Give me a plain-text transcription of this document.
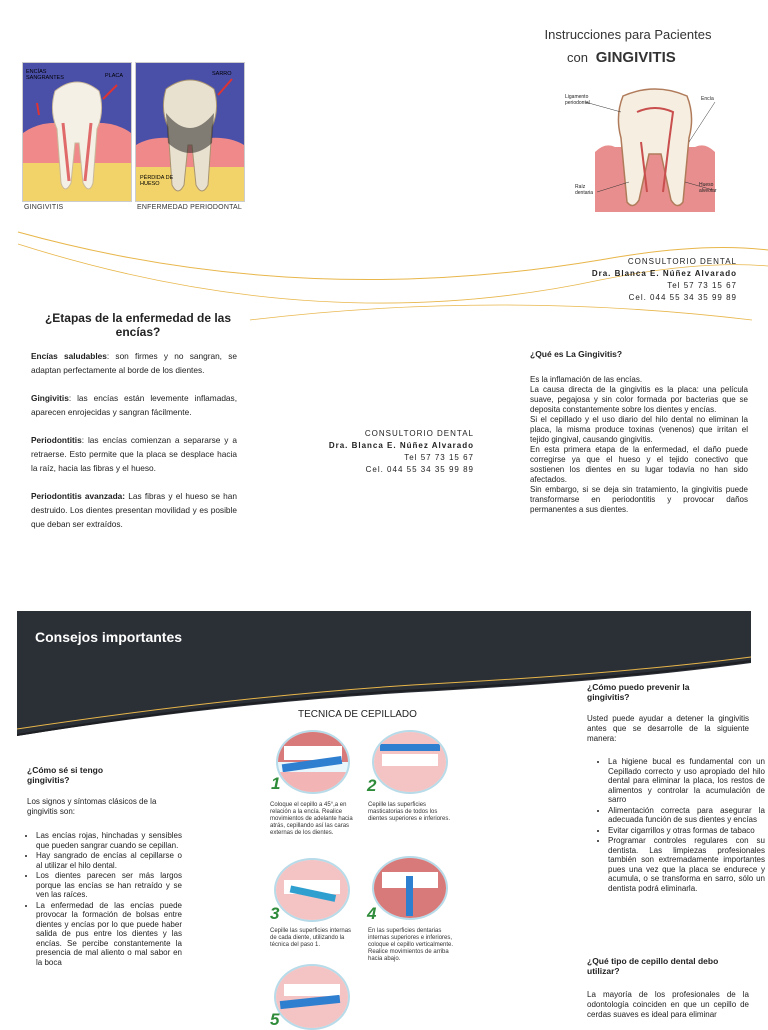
ENCÍAS SANGRANTES	PLACA	SARRO
PÉRDIDA DE HUESO
GINGIVITIS	ENFERMEDAD PERIODONTAL
Instrucciones para Pacientes
con GINGIVITIS
Ligamento periodontal
Encía
Raíz dentaria
Hueso alveolar
CONSULTORIO DENTAL
Dra. Blanca E. Núñez Alvarado
Tel 57 73 15 67
Cel. 044 55 34 35 99 89
¿Etapas de la enfermedad de las encías?

Encías saludables: son firmes y no sangran, se adaptan perfectamente al borde de los dientes.

Gingivitis: las encías están levemente inflamadas, aparecen enrojecidas y sangran fácilmente.

Periodontitis: las encías comienzan a separarse y a retraerse. Esto permite que la placa se desplace hacia la raíz, hacia las fibras y el hueso.

Periodontitis avanzada: Las fibras y el hueso se han destruido. Los dientes presentan movilidad y es posible que deban ser extraídos.

CONSULTORIO DENTAL
Dra. Blanca E. Núñez Alvarado
Tel 57 73 15 67
Cel. 044 55 34 35 99 89
¿Qué es La Gingivitis?

Es la inflamación de las encías.

La causa directa de la gingivitis es la placa: una película suave, pegajosa y sin color formada por bacterias que se deposita constantemente sobre los dientes y encías.

Si el cepillado y el uso diario del hilo dental no eliminan la placa, la misma produce toxinas (venenos) que irritan el tejido gingival, causando gingivitis.

En esta primera etapa de la enfermedad, el daño puede corregirse ya que el hueso y el tejido conectivo que sostienen los dientes en su lugar todavía no han sido afectados.

Sin embargo, si se deja sin tratamiento, la gingivitis puede transformarse en periodontitis y provocar daños permanentes a sus dientes.

Consejos importantes
¿Cómo sé si tengo gingivitis?
Los signos y síntomas clásicos de la gingivitis son:
• Las encías rojas, hinchadas y sensibles que pueden sangrar cuando se cepillan.
• Hay sangrado de encías al cepillarse o al utilizar el hilo dental.
• Los dientes parecen ser más largos porque las encías se han retraído y se ven las raíces.
• La enfermedad de las encías puede provocar la formación de bolsas entre dientes y encías por lo que puede haber salida de pus entre los dientes y las encías. Se percibe constantemente la presencia de mal aliento o mal sabor en la boca
TECNICA DE CEPILLADO
1
Coloque el cepillo a 45°,a en relación a la encía. Realice movimientos de adelante hacia atrás, cepillando así las caras externas de los dientes.
2
Cepille las superficies masticatorias de todos los dientes superiores e inferiores.
3
Cepille las superficies internas de cada diente, utilizando la técnica del paso 1.
4
En las superficies dentarias internas superiores e inferiores, coloque el cepillo verticalmente. Realice movimientos de arriba hacia abajo.
5
¿Cómo puedo prevenir la gingivitis?
Usted puede ayudar a detener la gingivitis antes que se desarrolle de la siguiente manera:
• La higiene bucal es fundamental con un Cepillado correcto y uso apropiado del hilo dental para eliminar la placa, los restos de alimentos y controlar la acumulación de sarro
• Alimentación correcta para asegurar la adecuada función de sus dientes y encías
• Evitar cigarrillos y otras formas de tabaco
• Programar controles regulares con su dentista. Las limpiezas profesionales también son extremadamente importantes pues una vez que la placa se endurece y acumula, o se transforma en sarro, sólo un dentista podrá eliminarla.
¿Qué tipo de cepillo dental debo utilizar?
La mayoría de los profesionales de la odontología coinciden en que un cepillo de cerdas suaves es ideal para eliminar
